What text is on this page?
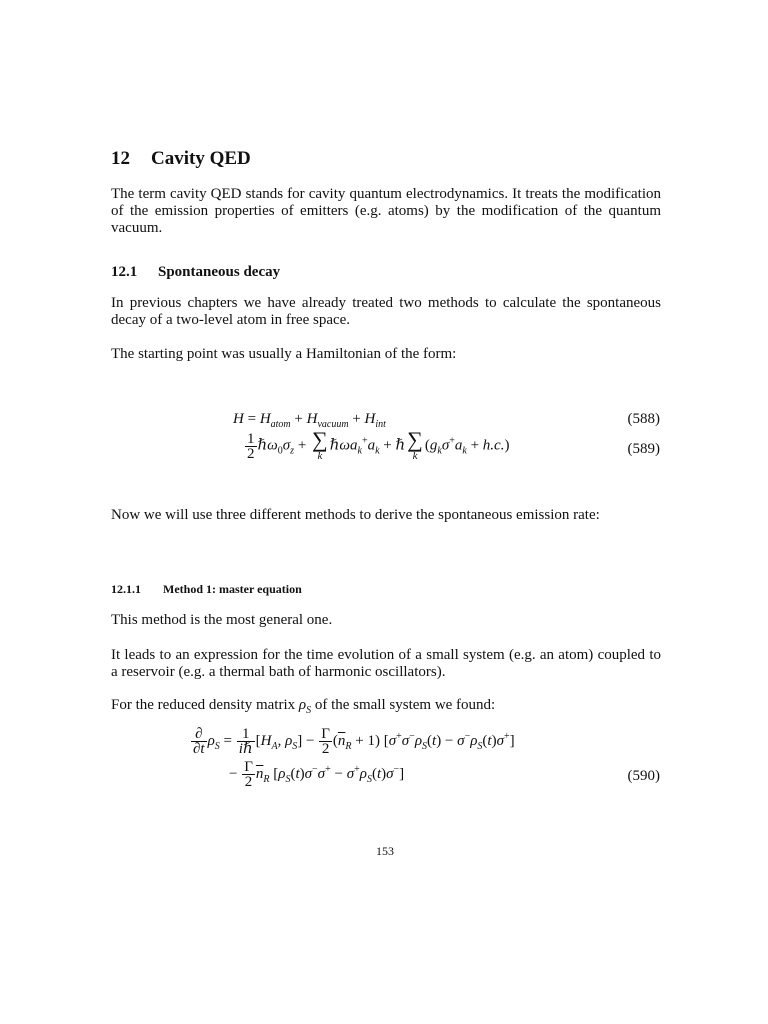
12 Cavity QED
The term cavity QED stands for cavity quantum electrodynamics. It treats the modification of the emission properties of emitters (e.g. atoms) by the modification of the quantum vacuum.
12.1 Spontaneous decay
In previous chapters we have already treated two methods to calculate the spontaneous decay of a two-level atom in free space.
The starting point was usually a Hamiltonian of the form:
$H = H_{atom} + H_{vacuum} + H_{int}$	(588)
$\frac{1}{2}$ $\hbar\omega_0\sigma_z$ + ∑
k
$\hbar\omega a_k^+a_k$ + ℏ ∑
k
$(g_k\sigma^+a_k + h.c.)$	(589)
Now we will use three different methods to derive the spontaneous emission rate:
12.1.1 Method 1: master equation
This method is the most general one.
It leads to an expression for the time evolution of a small system (e.g. an atom) coupled to a reservoir (e.g. a thermal bath of harmonic oscillators).
For the reduced density matrix $\rho_S$ of the small system we found:
$\frac{\partial}{\partial t} \rho_S = \frac{1}{\text{iℏ}} [H_A$, $\rho_S] - \frac{\Gamma}{2} (\overline{n}_R + 1) [\sigma^+\sigma^-\rho_S(t) - \sigma^-\rho_S(t)\sigma^+]$
− $\frac{\Gamma}{2} \overline{n}_R$ $[\rho_S(t)\sigma^-\sigma^+ - \sigma^+\rho_S(t)\sigma^-]$	(590)
153
